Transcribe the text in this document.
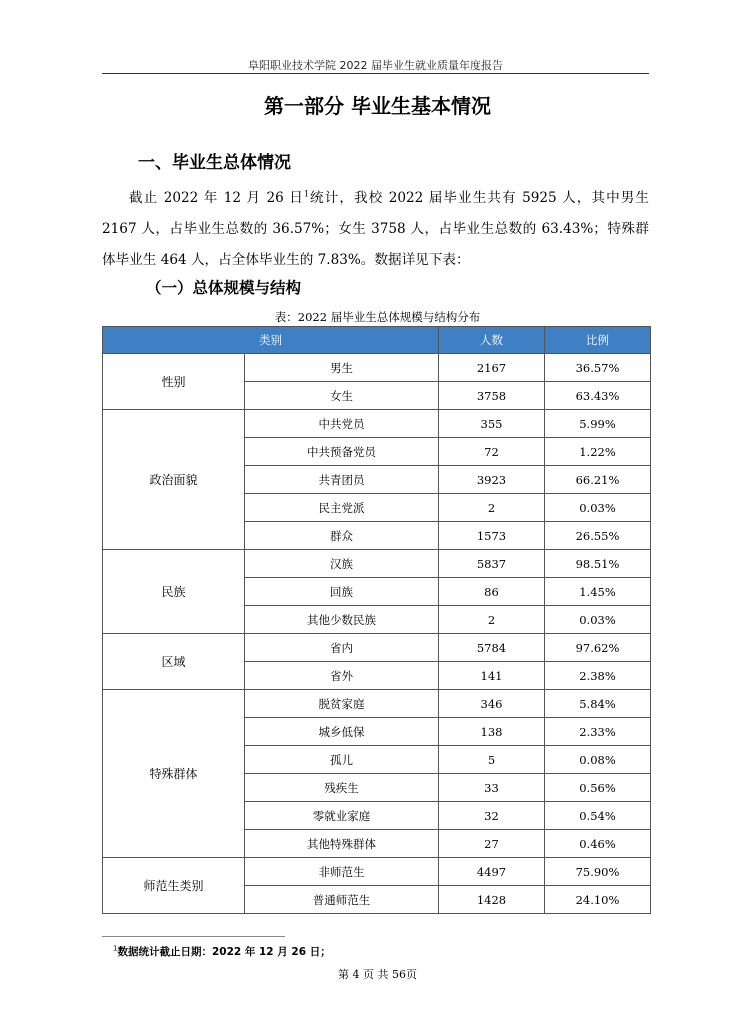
阜阳职业技术学院 2022 届毕业生就业质量年度报告
第一部分 毕业生基本情况
一、毕业生总体情况

截止 2022 年 12 月 26 日$^1$统计，我校 2022 届毕业生共有 5925 人，其中男生 2167 人，占毕业生总数的 36.57%；女生 3758 人，占毕业生总数的 63.43%；特殊群体毕业生 464 人，占全体毕业生的 7.83%。数据详见下表：

（一）总体规模与结构
表：2022 届毕业生总体规模与结构分布
类别		人数	比例
性别	男生	2167	36.57%
	女生	3758	63.43%
政治面貌	中共党员	355	5.99%
	中共预备党员	72	1.22%
	共青团员	3923	66.21%
	民主党派	2	0.03%
	群众	1573	26.55%
民族	汉族	5837	98.51%
	回族	86	1.45%
	其他少数民族	2	0.03%
区域	省内	5784	97.62%
	省外	141	2.38%
特殊群体	脱贫家庭	346	5.84%
	城乡低保	138	2.33%
	孤儿	5	0.08%
	残疾生	33	0.56%
	零就业家庭	32	0.54%
	其他特殊群体	27	0.46%
师范生类别	非师范生	4497	75.90%
	普通师范生	1428	24.10%
$^1$数据统计截止日期：2022 年 12 月 26 日；
第 4 页 共 56页
